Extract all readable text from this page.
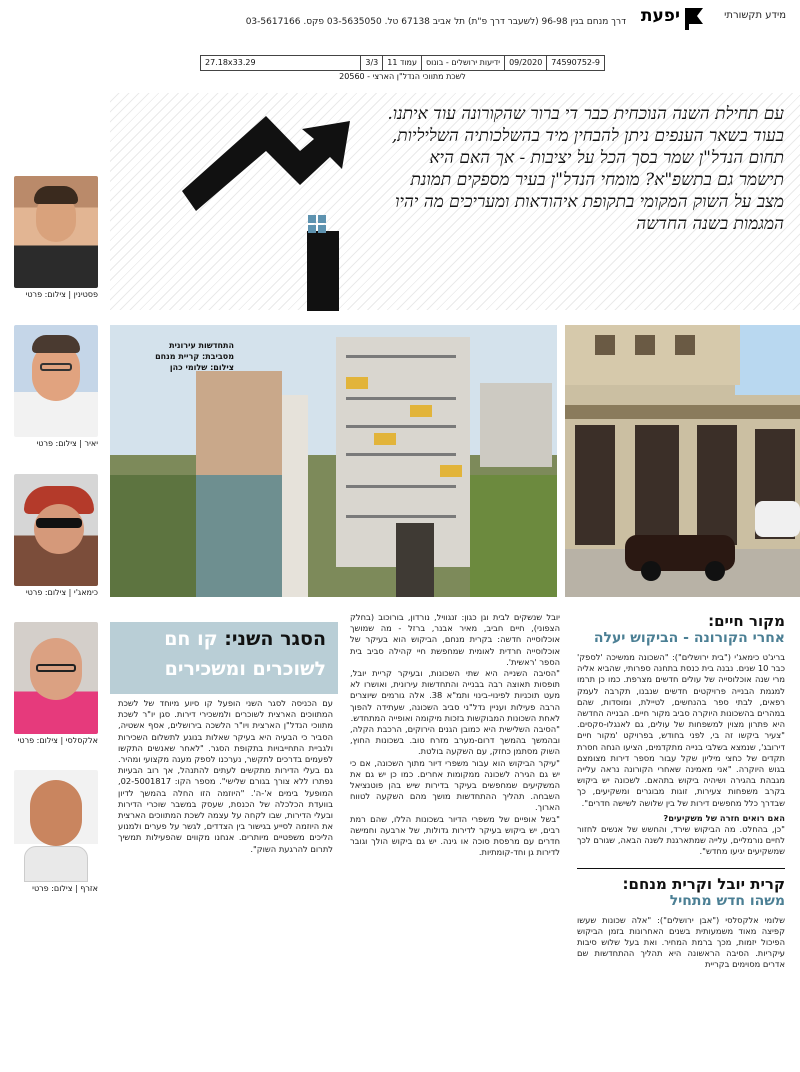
יפעת	מידע תקשורתי
דרך מנחם בגין 96-98 (לשעבר דרך פ"ת) תל אביב 67138 טל. 03-5635050 פקס. 03-5617166
74590752-9
09/2020
ידיעות ירושלים - בונוס
עמוד 11
3/3
27.18x33.29
לשכת מתווכי הנדל"ן הארצי - 20560
עם תחילת השנה הנוכחית כבר די ברור שהקורונה עוד איתנו. בעוד בשאר הענפים ניתן להבחין מיד בהשלכותיה השליליות, תחום הנדל"ן שמר בסך הכל על יציבות - אך האם היא תישמר גם בתשפ"א? מומחי הנדל"ן בעיר מספקים תמונת מצב על השוק המקומי בתקופת איהודאות ומעריכים מה יהיו המגמות בשנה החדשה
פסטינין | צילום: פרטי
יאיר | צילום: פרטי
כימאג'י | צילום: פרטי
אלקסלסי | צילום: פרטי
אזרף | צילום: פרטי
התחדשות עירונית
מסביבת: קריית מנחם
צילום: שלומי כהן
מקור חיים:
אחרי הקורונה - הביקוש יעלה

בריג'ט כימאג'י ("בית ירושלים"): "השכונה ממשיכה 'לספק' כבר 10 שנים. נבנה בית כנסת בתחנה ספרותי, שהביא אליה מרי שנה אוכלוסייה של עולים חדשים מצרפת. כמו כן תרמו למגמת הבנייה פרויקטים חדשים שנבנו, תקרבה לעמק רפאים, לבתי ספר בהנחשים, לטיילת, ומוסדות, שהם במהרים בהשכונות היוקרה סביב מקור חיים. הבנייה החדשה היא פתרון מצוין למשפחות של עולים, גם לאנגלו-סקסים. "צעיר ביקשו זה בי, לפני בחודש, בפרויקט 'מקור חיים דירובג', שנמצא בשלבי בנייה מתקדמים, הציעו הנחה חסרת תקדים של כחצי מיליון שקל עבור מספר דירות מצומצם בגוש היוקרה. "אני מאמינה שאחרי הקורונה נראה עלייה מגבהת בהגירה ושיהיה ביקוש בתהאם. לשכונה יש ביקוש בקרב משפחות צעירות, זוגות מבוגרים ומשקיעים, כך שבדרך כלל מחפשים דירות של בין שלושה לשישה חדרים".

האם רואים חזרה של משקיעים?

"כן, בהחלט. מה הביקוש שירד, והחשש של אנשים לחזור לחיים נורמליים, עלייה שמתארגנת לשנה הבאה, שגורם לכך שמשקיעים יגיעו מחדש".

קרית יובל וקרית מנחם:
משהו חדש מתחיל

שלומי אלקסלסי ("אבן ירושלים"): "אלה שכונות שעשו קפיצה מאוד משמעותית בשנים האחרונות בזמן הביקוש הפיכול יזמות, מכך ברמת המחיר. ואת בעל שלוש סיבות עיקריות. הסיבה הראשונה היא תהליך ההתחדשות שם אדרים מסוימים בקריית

יובל שנשקים לבית וגן כגון: זנגוויל, נורדון, בורוכוב (בחלק הצפוני), חיים חביב, מאיר אבנר, ברזל - מה שמושך אוכלוסייה חדשה: בקרית מנחם, הביקוש הוא בעיקר של אוכלוסייה חרדית לאומית שמחפשת חיי קהילה סביב בית הספר 'ראשית'.

"הסיבה השנייה היא שתי השכונות, ובעיקר קריית יובל, תופסות תאוצה רבה בבנייה והתחדשות עירונית, ואושרו לא מעט תוכניות לפינוי-בינוי ותמ"א 38. אלה גורמים שיוצרים הרבה פעילות ועניין נדל"ני סביב השכונה, שעתידה להפוך לאחת השכונות המבוקשות בזכות מיקומה ואופייה המתחדש.

"הסיבה השלישית היא כמובן הגנים הירוקים, הרכבת הקלה, ובהמשך בהמשך דרום-מערב מזרח טוב. בשכונות החוץ, השוק מסתמן כחזק, עם השקעה בולטת.

"עיקר הביקוש הוא עבור משפרי דיור מתוך השכונה, אם כי יש גם הגירה לשכונה ממקומות אחרים. כמו כן יש גם את המשקיעים שמחפשים בעיקר בדירות שיש בהן פוטנציאל השבחה. תהליך ההתחדשות מושך מהם השקעה לטווח הארוך.

"בשל אופיים של משפרי הדיור בשכונות הללו, שהם רמת רבים, יש ביקוש בעיקר לדירות גדולות, של ארבעה וחמישה חדרים עם מרפסת סוכה או גינה. יש גם ביקוש הולך וגובר לדירות גן וחד-קומתיות.

הסגר השני: קו חם
לשוכרים ומשכירים

עם הכניסה לסגר השני הופעל קו סיוע מיוחד של לשכת המתווכים הארצית לשוכרים ולמשכירי דירות. סגן יו"ר לשכת מתווכי הנדל"ן הארצית ויו"ר הלשכה בירושלים, אסף אשטיה, הסביר כי הבעיה היא בעיקר שאלות בנוגע לתשלום השכירות ולגביית התחייבויות בתקופת הסגר. "לאחר שאנשים התקשו לפעמים בדרכים לתקשר, נערכנו לספק מענה מקצועי ומהיר. גם בעלי הדירות מתקשים לעתים להתנהל, אך רוב הבעיות נפתרו ללא צורך בגורם שלישי". מספר הקו: 02-5001817, המופעל בימים א'-ה'. "היוזמה הזו החלה בהמשך לדיון בוועדת הכלכלה של הכנסת, שעסק במשבר שוכרי הדירות ובעלי הדירות, שבו לקחה על עצמה לשכת המתווכים הארצית את היוזמה לסייע בגישור בין הצדדים, לגשר על פערים ולמנוע הליכים משפטיים מיותרים. אנחנו מקווים שהפעילות תמשיך לתרום להרגעת השוק".
